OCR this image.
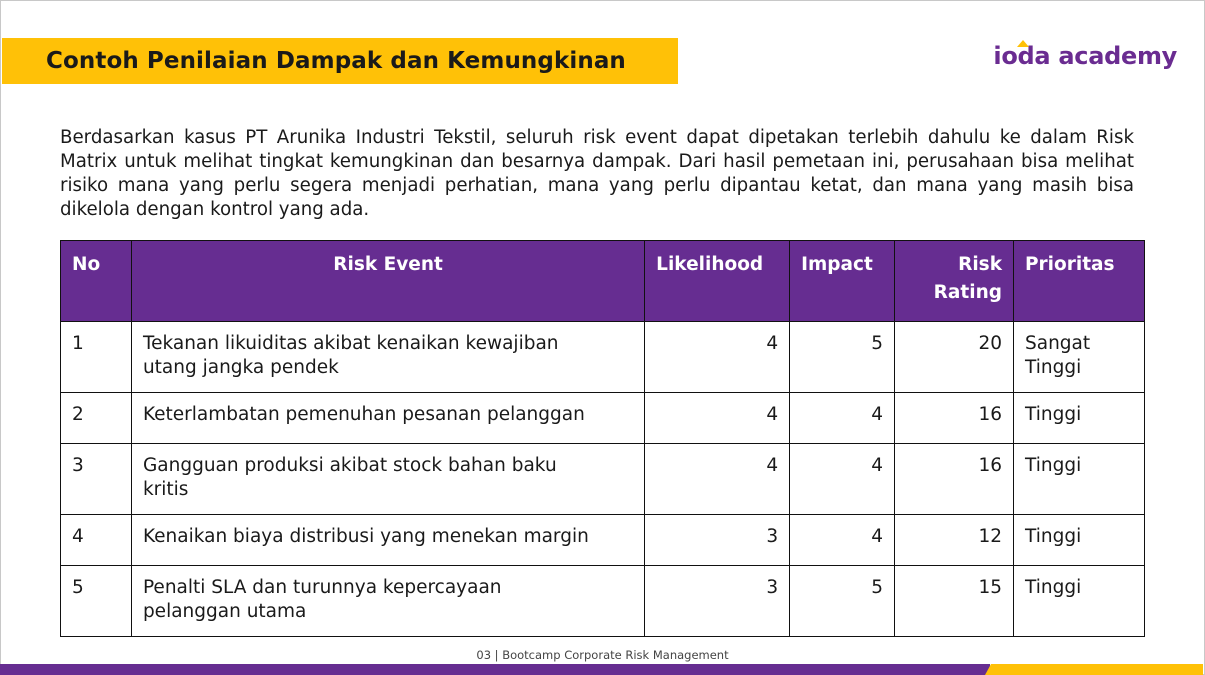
Contoh Penilaian Dampak dan Kemungkinan	ioda academy
Berdasarkan kasus PT Arunika Industri Tekstil, seluruh risk event dapat dipetakan terlebih dahulu ke dalam Risk Matrix untuk melihat tingkat kemungkinan dan besarnya dampak. Dari hasil pemetaan ini, perusahaan bisa melihat risiko mana yang perlu segera menjadi perhatian, mana yang perlu dipantau ketat, dan mana yang masih bisa dikelola dengan kontrol yang ada.
No	Risk Event	Likelihood	Impact	Risk Rating	Prioritas
1	Tekanan likuiditas akibat kenaikan kewajiban utang jangka pendek	4	5	20	Sangat Tinggi
2	Keterlambatan pemenuhan pesanan pelanggan	4	4	16	Tinggi
3	Gangguan produksi akibat stock bahan baku kritis	4	4	16	Tinggi
4	Kenaikan biaya distribusi yang menekan margin	3	4	12	Tinggi
5	Penalti SLA dan turunnya kepercayaan pelanggan utama	3	5	15	Tinggi
03 | Bootcamp Corporate Risk Management
